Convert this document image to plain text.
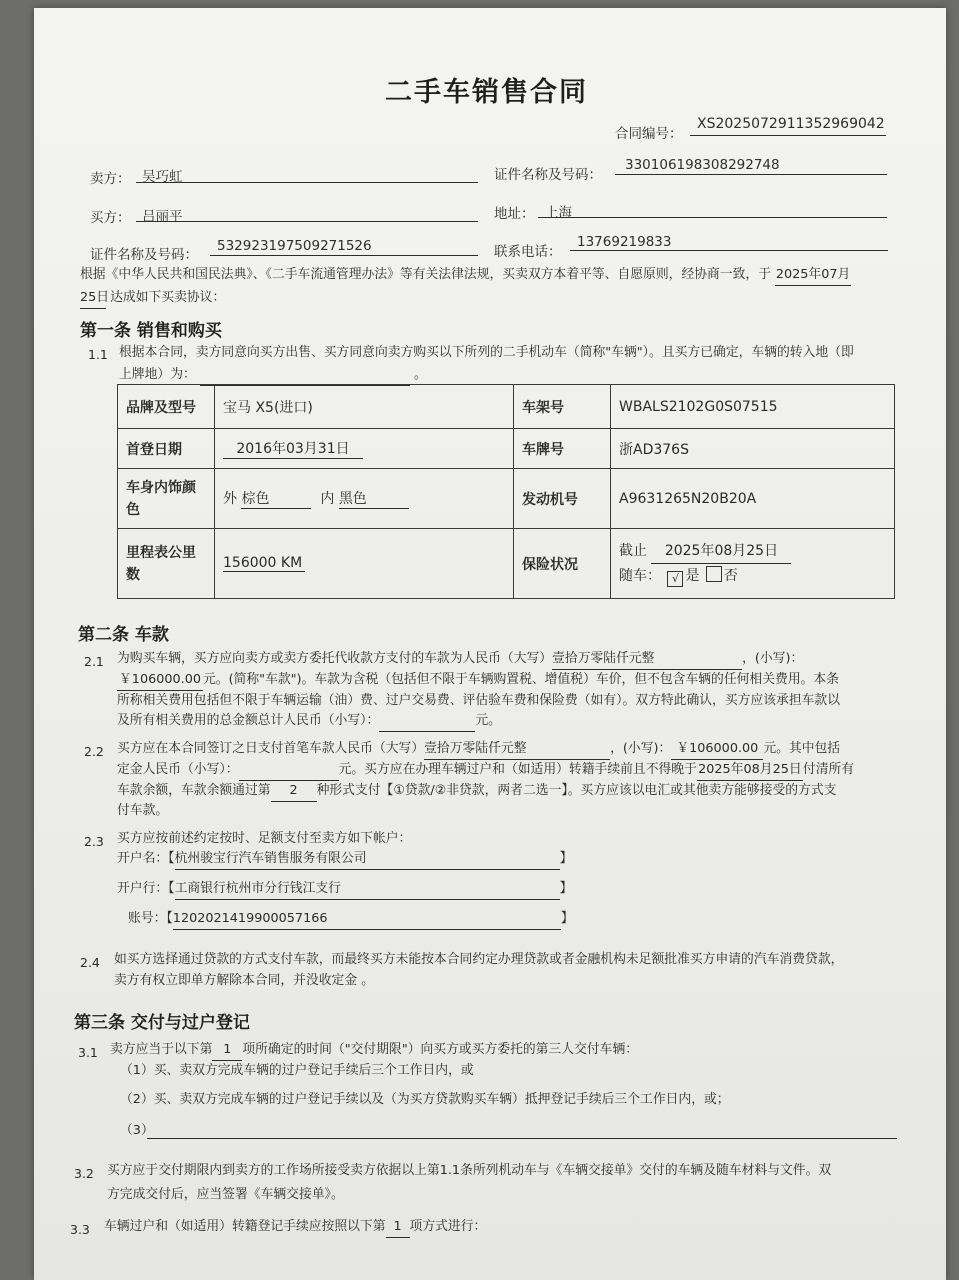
二手车销售合同
合同编号：
XS2025072911352969042
卖方： 吴巧虹	证件名称及号码：
330106198308292748
买方： 吕丽平	地址： 上海
证件名称及号码：
532923197509271526	联系电话：
13769219833
根据《中华人民共和国民法典》、《二手车流通管理办法》等有关法律法规，买卖双方本着平等、自愿原则，经协商一致，于 2025年07月
25日 达成如下买卖协议：
第一条 销售和购买
1.1 根据本合同，卖方同意向买方出售、买方同意向卖方购买以下所列的二手机动车（简称"车辆"）。且买方已确定，车辆的转入地（即
上牌地）为：	。
品牌及型号	宝马 X5(进口)	车架号	WBALS2102G0S07515
首登日期	2016年03月31日	车牌号	浙AD376S
车身内饰颜
色	外 棕色 内 黑色	发动机号	A9631265N20B20A
里程表公里
数	156000 KM	保险状况	截止 2025年08月25日
随车： √ 是 否
第二条 车款
2.1 为购买车辆，买方应向卖方或卖方委托代收款方支付的车款为人民币（大写）壹拾万零陆仟元整	，(小写)：
￥106000.00 元。(简称"车款")。车款为含税（包括但不限于车辆购置税、增值税）车价，但不包含车辆的任何相关费用。本条
所称相关费用包括但不限于车辆运输（油）费、过户交易费、评估验车费和保险费（如有）。双方特此确认，买方应该承担车款以
及所有相关费用的总金额总计人民币（小写）：	元。
2.2 买方应在本合同签订之日支付首笔车款人民币（大写）壹拾万零陆仟元整	，(小写)： ￥106000.00 元。其中包括
定金人民币（小写）：	元。买方应在办理车辆过户和（如适用）转籍手续前且不得晚于2025年08月25日付清所有
车款余额，车款余额通过第 2 种形式支付【①贷款/②非贷款，两者二选一】。买方应该以电汇或其他卖方能够接受的方式支
付车款。
2.3 买方应按前述约定按时、足额支付至卖方如下帐户：
开户名：【杭州骏宝行汽车销售服务有限公司	】
开户行：【工商银行杭州市分行钱江支行	】
账号：【1202021419900057166	】
2.4 如买方选择通过贷款的方式支付车款，而最终买方未能按本合同约定办理贷款或者金融机构未足额批准买方申请的汽车消费贷款，
卖方有权立即单方解除本合同，并没收定金 。
第三条 交付与过户登记
3.1 卖方应当于以下第 1 项所确定的时间（"交付期限"）向买方或买方委托的第三人交付车辆：
（1）买、卖双方完成车辆的过户登记手续后三个工作日内，或
（2）买、卖双方完成车辆的过户登记手续以及（为买方贷款购买车辆）抵押登记手续后三个工作日内，或；
（3）
3.2 买方应于交付期限内到卖方的工作场所接受卖方依据以上第1.1条所列机动车与《车辆交接单》交付的车辆及随车材料与文件。双
方完成交付后，应当签署《车辆交接单》。
3.3 车辆过户和（如适用）转籍登记手续应按照以下第 1 项方式进行：
